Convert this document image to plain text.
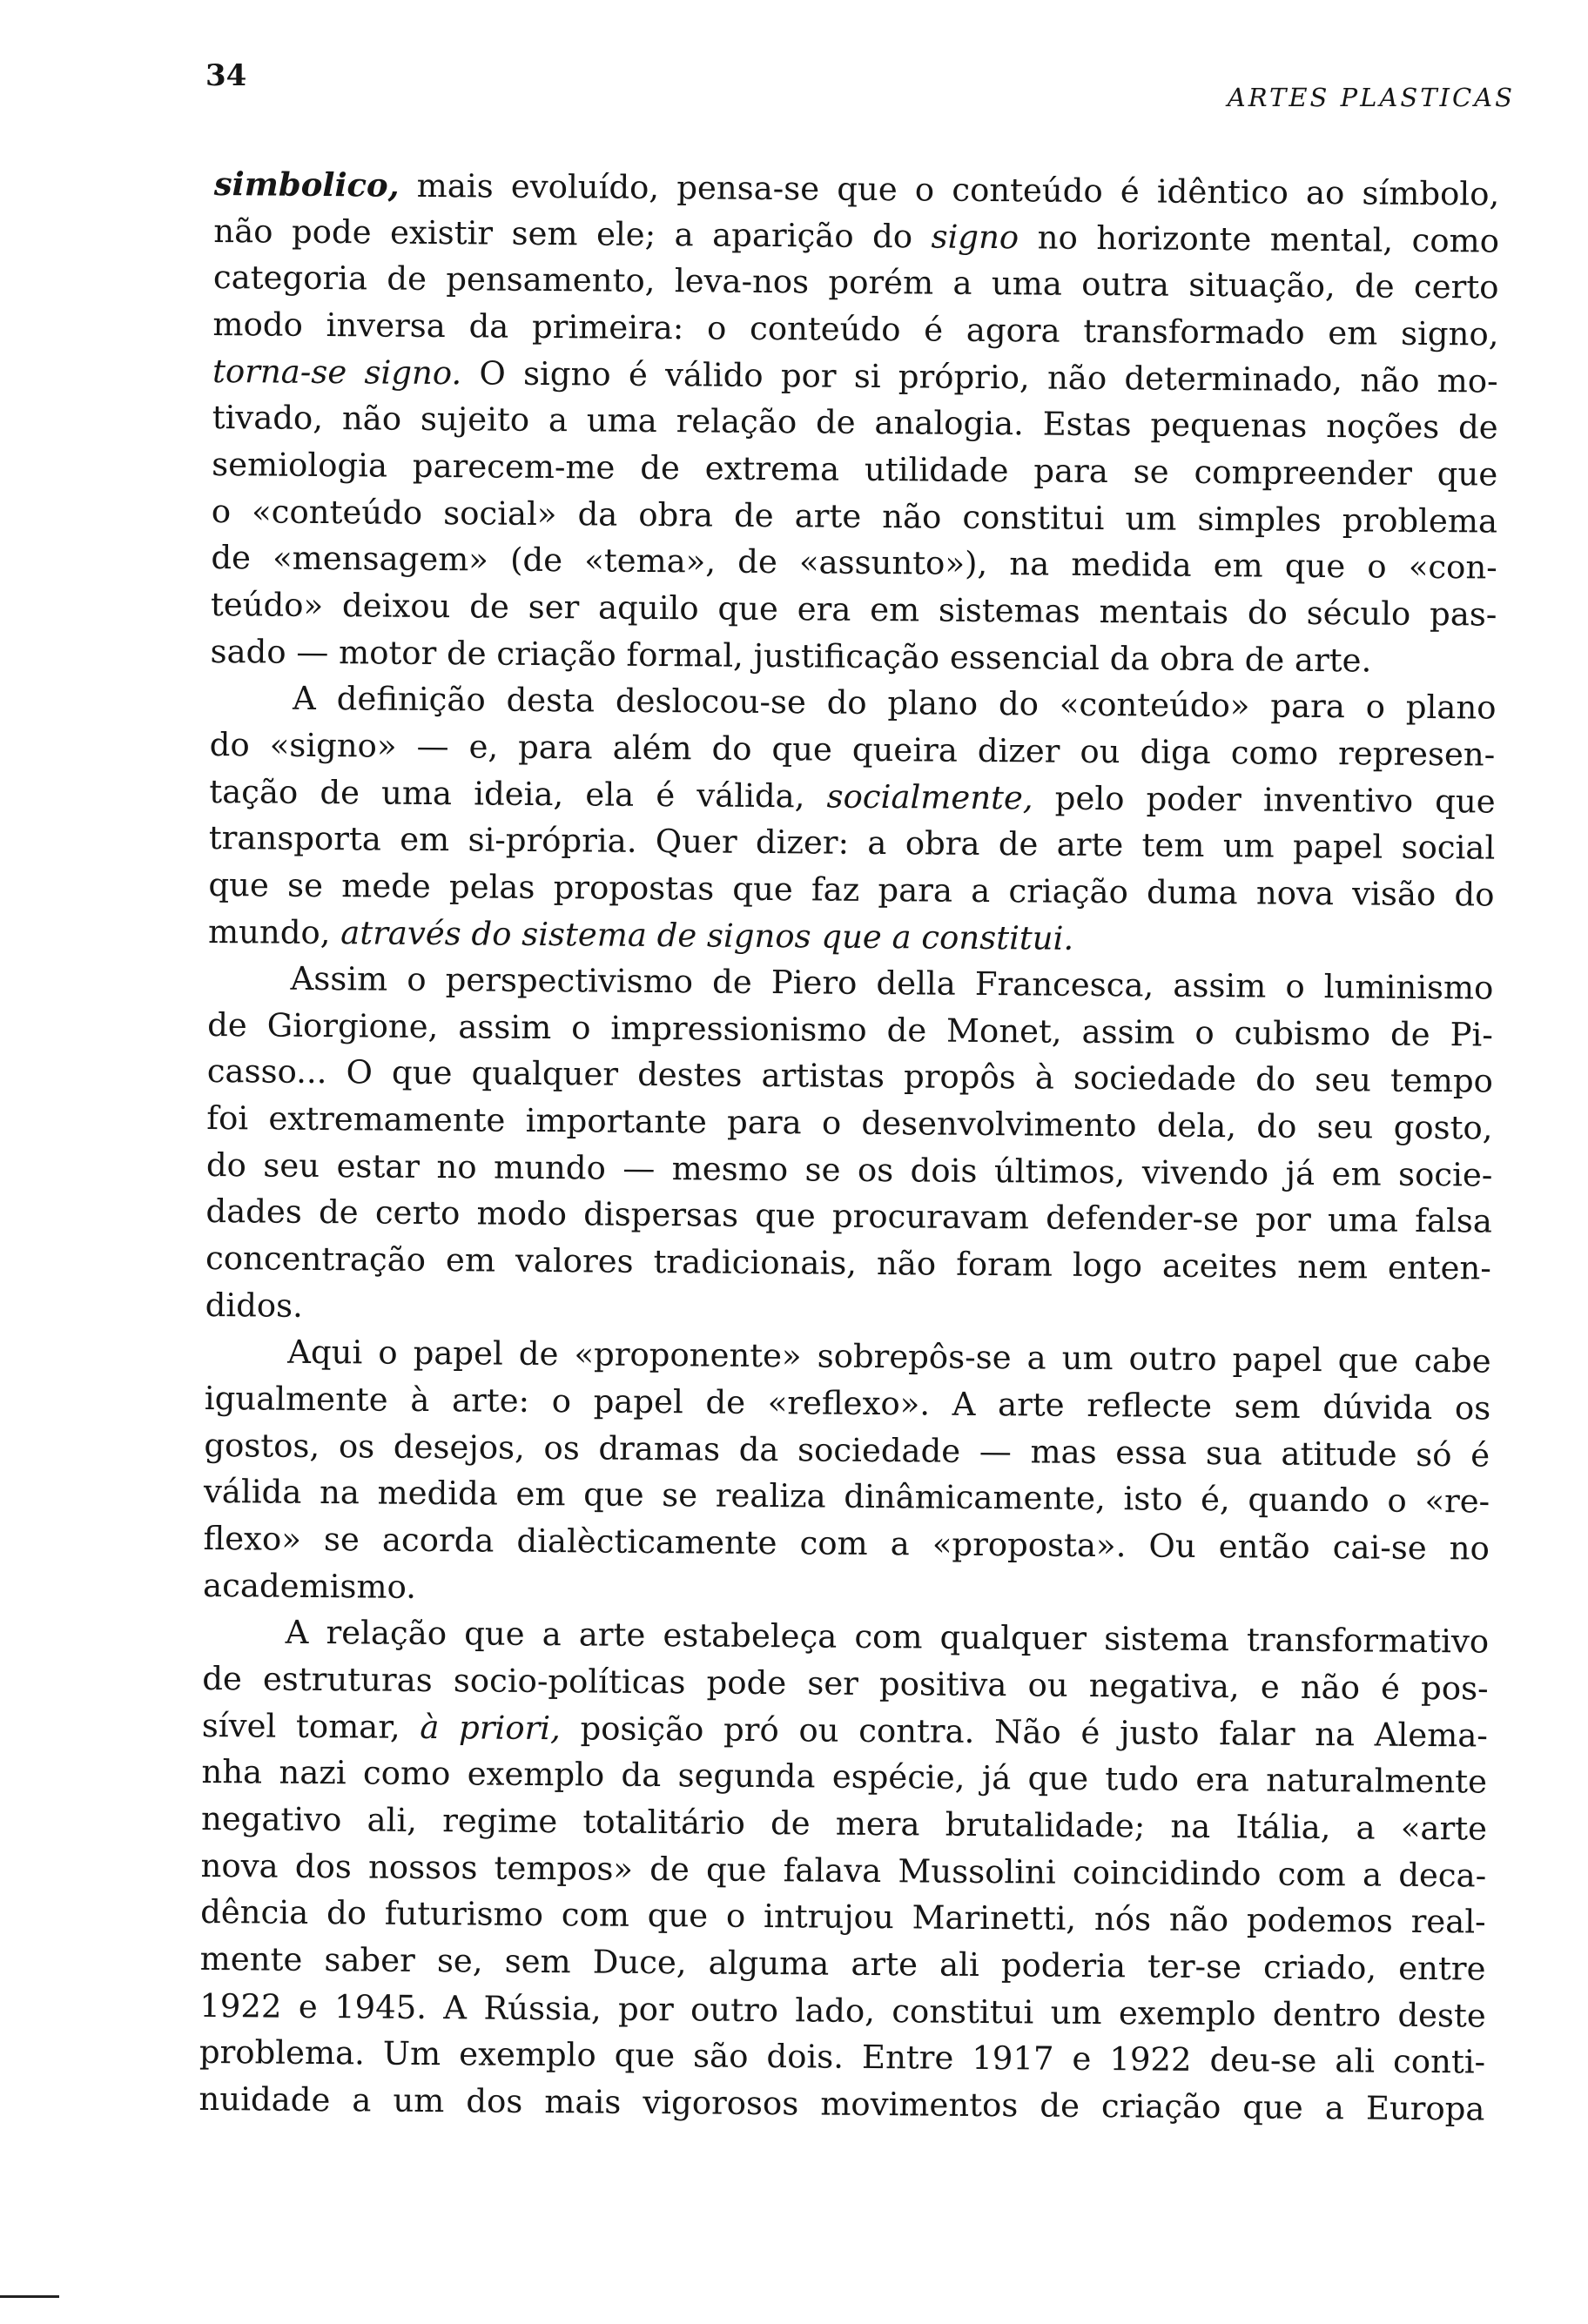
34
ARTES PLASTICAS
simbolico, mais evoluído, pensa-se que o conteúdo é idêntico ao símbolo,
não pode existir sem ele; a aparição do signo no horizonte mental, como
categoria de pensamento, leva-nos porém a uma outra situação, de certo
modo inversa da primeira: o conteúdo é agora transformado em signo,
torna-se signo. O signo é válido por si próprio, não determinado, não mo-
tivado, não sujeito a uma relação de analogia. Estas pequenas noções de
semiologia parecem-me de extrema utilidade para se compreender que
o «conteúdo social» da obra de arte não constitui um simples problema
de «mensagem» (de «tema», de «assunto»), na medida em que o «con-
teúdo» deixou de ser aquilo que era em sistemas mentais do século pas-
sado — motor de criação formal, justificação essencial da obra de arte.
A definição desta deslocou-se do plano do «conteúdo» para o plano
do «signo» — e, para além do que queira dizer ou diga como represen-
tação de uma ideia, ela é válida, socialmente, pelo poder inventivo que
transporta em si-própria. Quer dizer: a obra de arte tem um papel social
que se mede pelas propostas que faz para a criação duma nova visão do
mundo, através do sistema de signos que a constitui.
Assim o perspectivismo de Piero della Francesca, assim o luminismo
de Giorgione, assim o impressionismo de Monet, assim o cubismo de Pi-
casso... O que qualquer destes artistas propôs à sociedade do seu tempo
foi extremamente importante para o desenvolvimento dela, do seu gosto,
do seu estar no mundo — mesmo se os dois últimos, vivendo já em socie-
dades de certo modo dispersas que procuravam defender-se por uma falsa
concentração em valores tradicionais, não foram logo aceites nem enten-
didos.
Aqui o papel de «proponente» sobrepôs-se a um outro papel que cabe
igualmente à arte: o papel de «reflexo». A arte reflecte sem dúvida os
gostos, os desejos, os dramas da sociedade — mas essa sua atitude só é
válida na medida em que se realiza dinâmicamente, isto é, quando o «re-
flexo» se acorda dialècticamente com a «proposta». Ou então cai-se no
academismo.
A relação que a arte estabeleça com qualquer sistema transformativo
de estruturas socio-políticas pode ser positiva ou negativa, e não é pos-
sível tomar, à priori, posição pró ou contra. Não é justo falar na Alema-
nha nazi como exemplo da segunda espécie, já que tudo era naturalmente
negativo ali, regime totalitário de mera brutalidade; na Itália, a «arte
nova dos nossos tempos» de que falava Mussolini coincidindo com a deca-
dência do futurismo com que o intrujou Marinetti, nós não podemos real-
mente saber se, sem Duce, alguma arte ali poderia ter-se criado, entre
1922 e 1945. A Rússia, por outro lado, constitui um exemplo dentro deste
problema. Um exemplo que são dois. Entre 1917 e 1922 deu-se ali conti-
nuidade a um dos mais vigorosos movimentos de criação que a Europa
